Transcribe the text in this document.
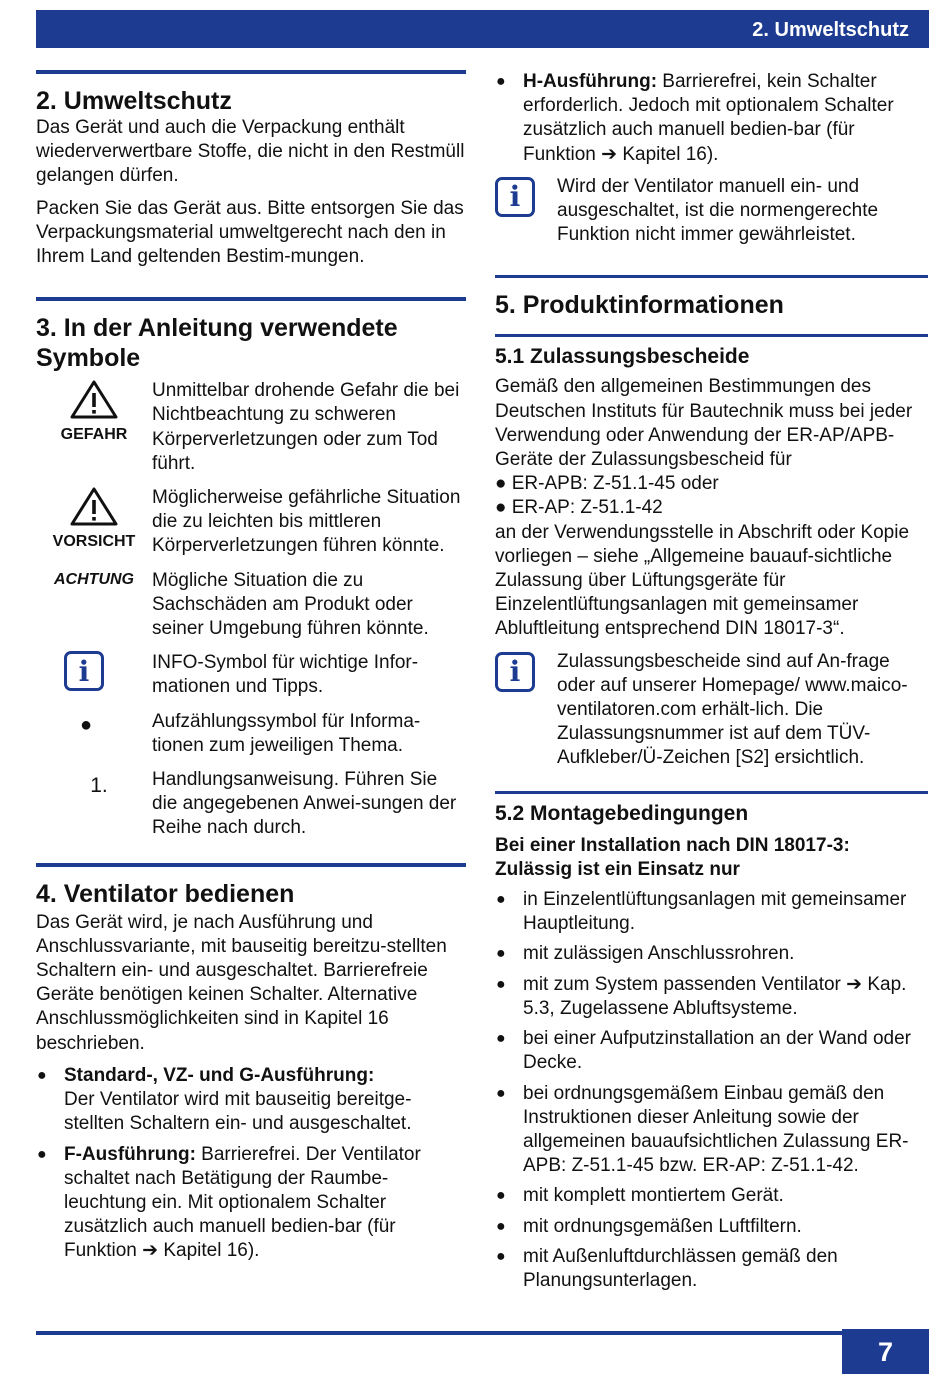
2. Umweltschutz
2. Umweltschutz

Das Gerät und auch die Verpackung enthält wiederverwertbare Stoffe, die nicht in den Restmüll gelangen dürfen.

Packen Sie das Gerät aus. Bitte entsorgen Sie das Verpackungsmaterial umweltgerecht nach den in Ihrem Land geltenden Bestim-mungen.

3. In der Anleitung verwendete Symbole
GEFAHR
Unmittelbar drohende Gefahr die bei Nichtbeachtung zu schweren Körperverletzungen oder zum Tod führt.
VORSICHT
Möglicherweise gefährliche Situation die zu leichten bis mittleren Körperverletzungen führen könnte.
ACHTUNG Mögliche Situation die zu Sachschäden am Produkt oder seiner Umgebung führen könnte.
i	INFO-Symbol für wichtige Infor-mationen und Tipps.
●	Aufzählungssymbol für Informa-tionen zum jeweiligen Thema.
1.	Handlungsanweisung. Führen Sie die angegebenen Anwei-sungen der Reihe nach durch.
4. Ventilator bedienen

Das Gerät wird, je nach Ausführung und Anschlussvariante, mit bauseitig bereitzu-stellten Schaltern ein- und ausgeschaltet. Barrierefreie Geräte benötigen keinen Schalter. Alternative Anschlussmöglichkeiten sind in Kapitel 16 beschrieben.

● Standard-, VZ- und G-Ausführung:
Der Ventilator wird mit bauseitig bereitge-stellten Schaltern ein- und ausgeschaltet.
● F-Ausführung: Barrierefrei. Der Ventilator schaltet nach Betätigung der Raumbe-leuchtung ein. Mit optionalem Schalter zusätzlich auch manuell bedien-bar (für Funktion ➔ Kapitel 16).
● H-Ausführung: Barrierefrei, kein Schalter erforderlich. Jedoch mit optionalem Schalter zusätzlich auch manuell bedien-bar (für Funktion ➔ Kapitel 16).
i Wird der Ventilator manuell ein- und ausgeschaltet, ist die normengerechte Funktion nicht immer gewährleistet.
5. Produktinformationen
5.1 Zulassungsbescheide

Gemäß den allgemeinen Bestimmungen des Deutschen Instituts für Bautechnik muss bei jeder Verwendung oder Anwendung der ER-AP/APB-Geräte der Zulassungsbescheid für

● ER-APB: Z-51.1-45 oder

● ER-AP: Z-51.1-42

an der Verwendungsstelle in Abschrift oder Kopie vorliegen – siehe „Allgemeine bauauf-sichtliche Zulassung über Lüftungsgeräte für Einzelentlüftungsanlagen mit gemeinsamer Abluftleitung entsprechend DIN 18017-3“.

i Zulassungsbescheide sind auf An-frage oder auf unserer Homepage/ www.maico-ventilatoren.com erhält-lich. Die Zulassungsnummer ist auf dem TÜV-Aufkleber/Ü-Zeichen [S2] ersichtlich.
5.2 Montagebedingungen

Bei einer Installation nach DIN 18017-3: Zulässig ist ein Einsatz nur

● in Einzelentlüftungsanlagen mit gemeinsamer Hauptleitung.
● mit zulässigen Anschlussrohren.
● mit zum System passenden Ventilator ➔ Kap. 5.3, Zugelassene Abluftsysteme.
● bei einer Aufputzinstallation an der Wand oder Decke.
● bei ordnungsgemäßem Einbau gemäß den Instruktionen dieser Anleitung sowie der allgemeinen bauaufsichtlichen Zulassung ER-APB: Z-51.1-45 bzw. ER-AP: Z-51.1-42.
● mit komplett montiertem Gerät.
● mit ordnungsgemäßen Luftfiltern.
● mit Außenluftdurchlässen gemäß den Planungsunterlagen.
7
